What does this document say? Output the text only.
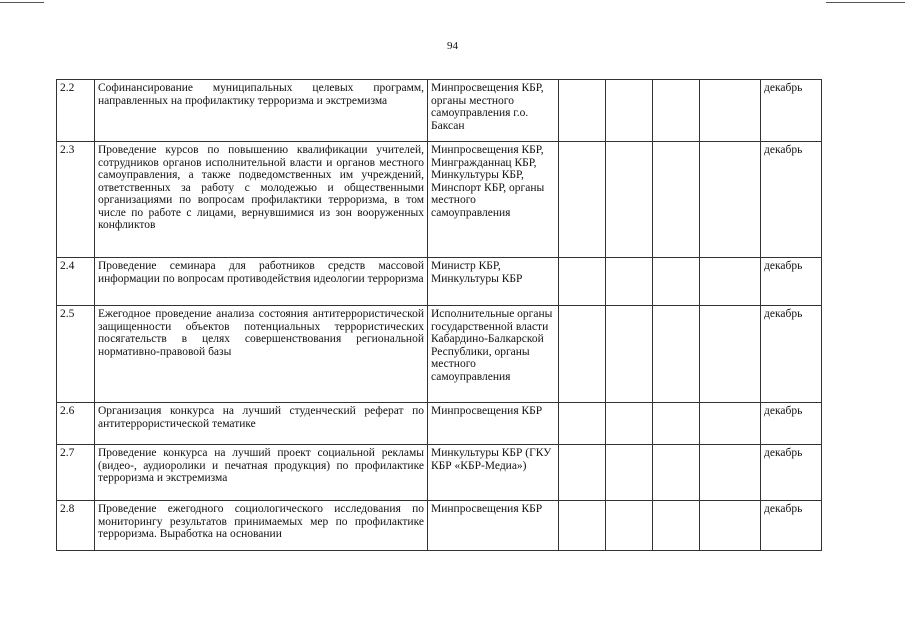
94
2.2	Софинансирование муниципальных целевых программ, направленных на профилактику терроризма и экстремизма	Минпросвещения КБР, органы местного самоуправления г.о. Баксан					декабрь
2.3	Проведение курсов по повышению квалификации учителей, сотрудников органов исполнительной власти и органов местного самоуправления, а также подведомственных им учреждений, ответственных за работу с молодежью и общественными организациями по вопросам профилактики терроризма, в том числе по работе с лицами, вернувшимися из зон вооруженных конфликтов	Минпросвещения КБР, Мингражданнац КБР, Минкультуры КБР, Минспорт КБР, органы местного самоуправления					декабрь
2.4	Проведение семинара для работников средств массовой информации по вопросам противодействия идеологии терроризма	Министр КБР, Минкультуры КБР					декабрь
2.5	Ежегодное проведение анализа состояния антитеррористической защищенности объектов потенциальных террористических посягательств в целях совершенствования региональной нормативно-правовой базы	Исполнительные органы государственной власти Кабардино-Балкарской Республики, органы местного самоуправления					декабрь
2.6	Организация конкурса на лучший студенческий реферат по антитеррористической тематике	Минпросвещения КБР					декабрь
2.7	Проведение конкурса на лучший проект социальной рекламы (видео-, аудиоролики и печатная продукция) по профилактике терроризма и экстремизма	Минкультуры КБР (ГКУ КБР «КБР-Медиа»)					декабрь
2.8	Проведение ежегодного социологического исследования по мониторингу результатов принимаемых мер по профилактике терроризма. Выработка на основании	Минпросвещения КБР					декабрь
